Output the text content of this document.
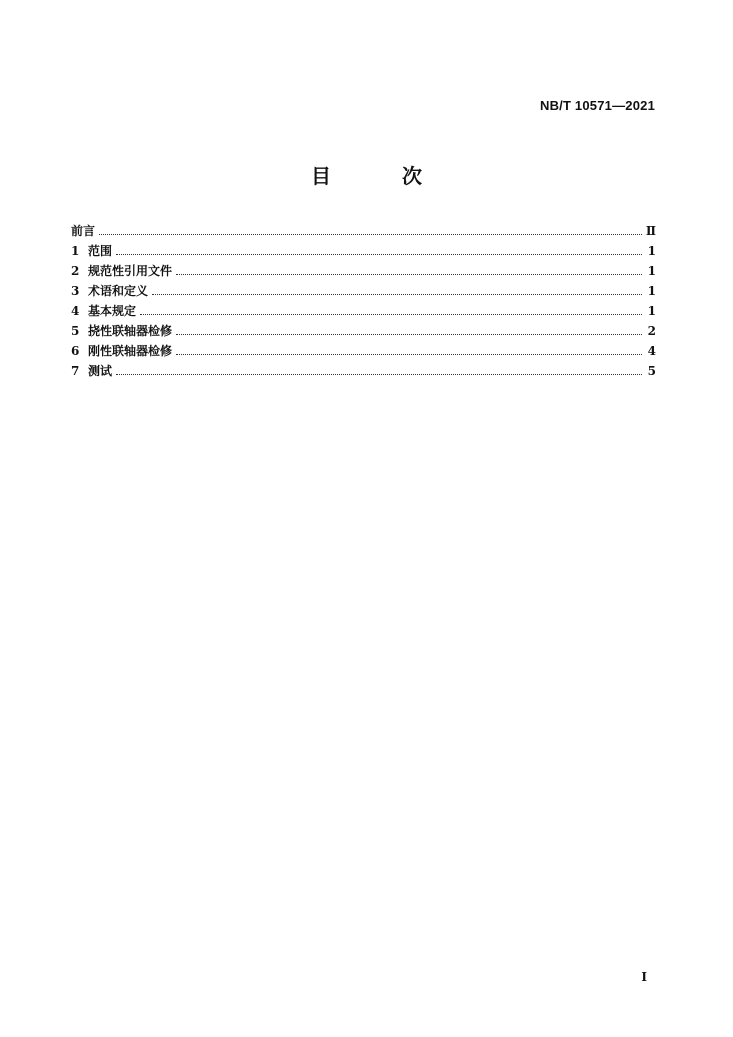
NB/T 10571—2021
目 次
前言	Ⅱ
1 范围	1
2 规范性引用文件	1
3 术语和定义	1
4 基本规定	1
5 挠性联轴器检修	2
6 刚性联轴器检修	4
7 测试	5
I
